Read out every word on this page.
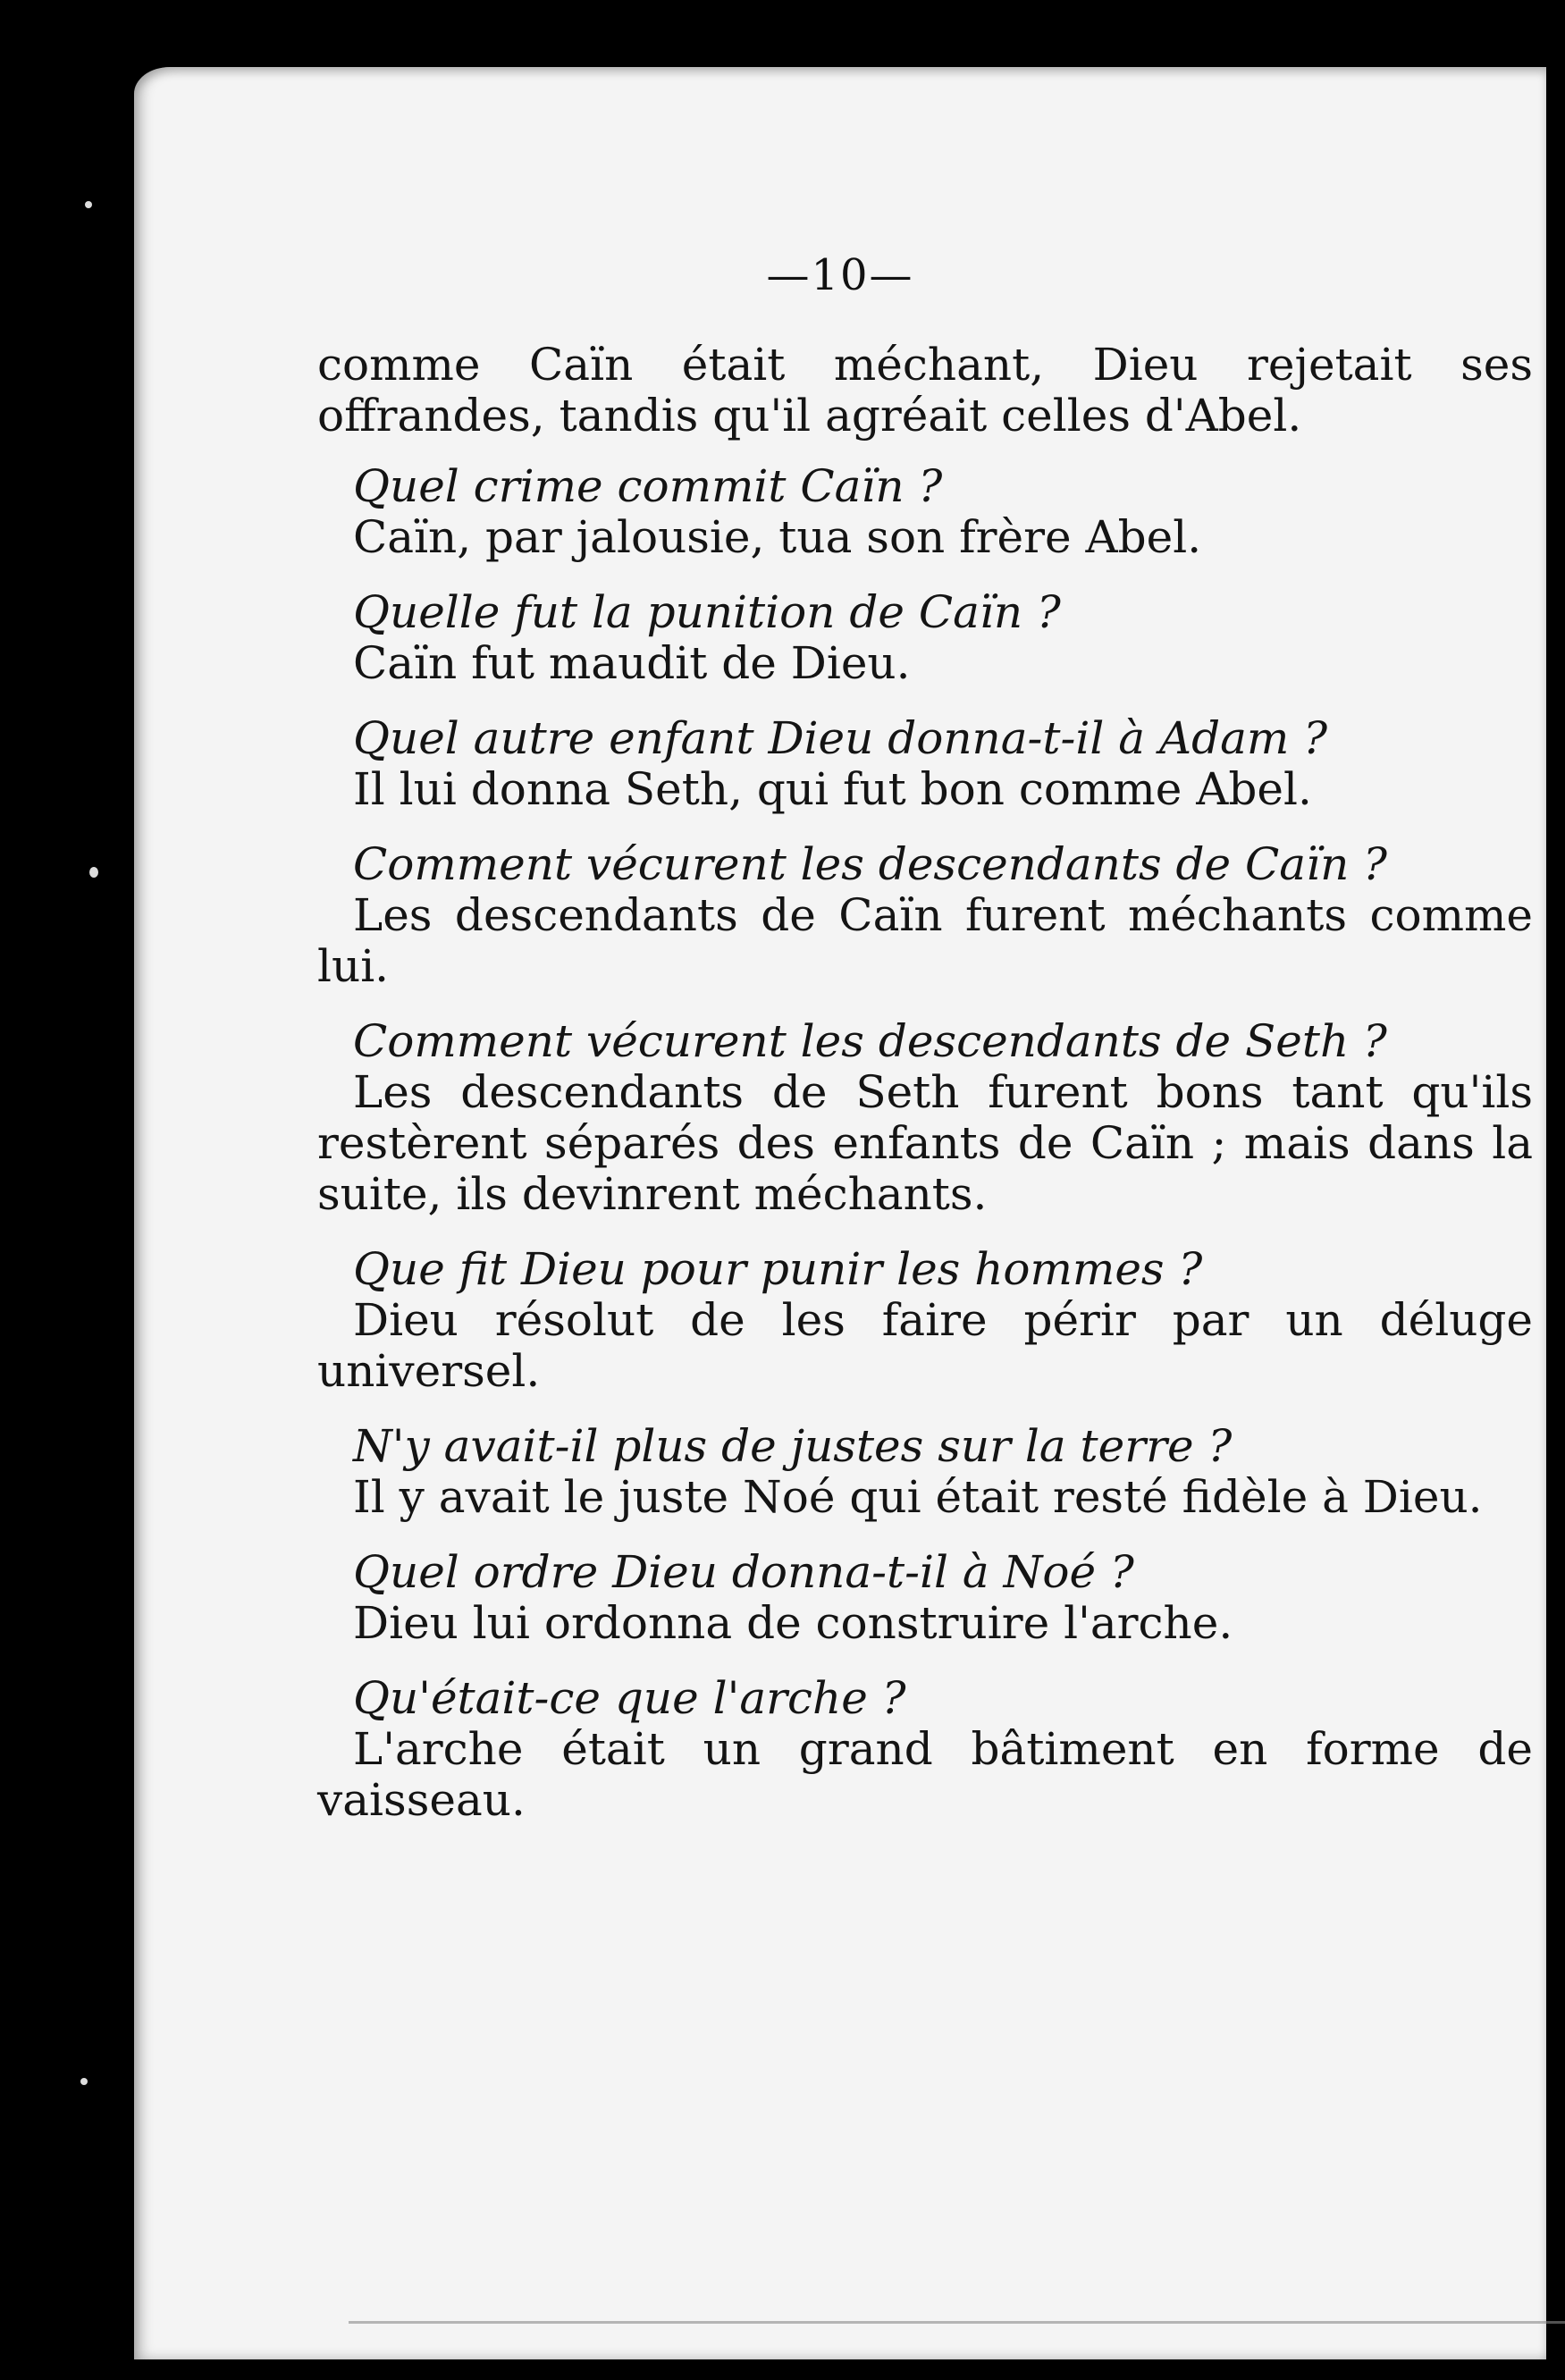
—10—

comme Caïn était méchant, Dieu rejetait ses offrandes, tandis qu'il agréait celles d'Abel.

Quel crime commit Caïn ?

Caïn, par jalousie, tua son frère Abel.

Quelle fut la punition de Caïn ?

Caïn fut maudit de Dieu.

Quel autre enfant Dieu donna-t-il à Adam ?

Il lui donna Seth, qui fut bon comme Abel.

Comment vécurent les descendants de Caïn ?

Les descendants de Caïn furent méchants comme lui.

Comment vécurent les descendants de Seth ?

Les descendants de Seth furent bons tant qu'ils restèrent séparés des enfants de Caïn ; mais dans la suite, ils devinrent méchants.

Que fit Dieu pour punir les hommes ?

Dieu résolut de les faire périr par un déluge universel.

N'y avait-il plus de justes sur la terre ?

Il y avait le juste Noé qui était resté fidèle à Dieu.

Quel ordre Dieu donna-t-il à Noé ?

Dieu lui ordonna de construire l'arche.

Qu'était-ce que l'arche ?

L'arche était un grand bâtiment en forme de vaisseau.
